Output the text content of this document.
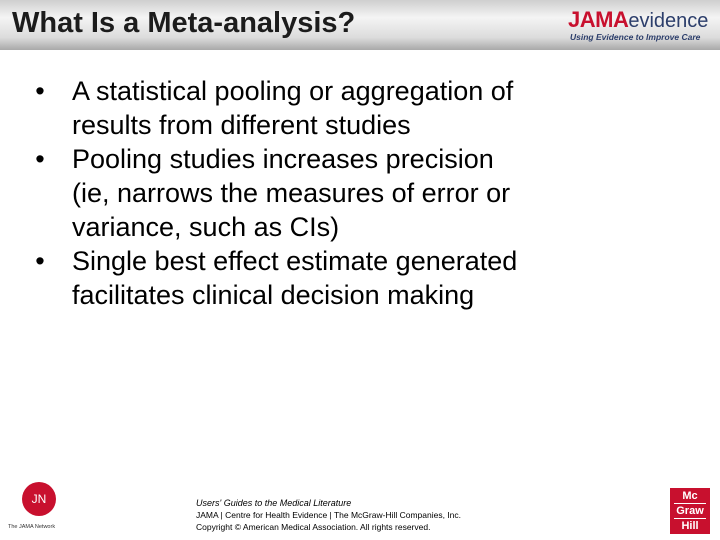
What Is a Meta-analysis?	JAMAevidence
Using Evidence to Improve Care
• A statistical pooling or aggregation of
results from different studies
• Pooling studies increases precision
(ie, narrows the measures of error or
variance, such as CIs)
• Single best effect estimate generated
facilitates clinical decision making
JN
The JAMA Network
Users' Guides to the Medical Literature
JAMA | Centre for Health Evidence | The McGraw-Hill Companies, Inc.
Copyright © American Medical Association. All rights reserved.
Mc
Graw
Hill
